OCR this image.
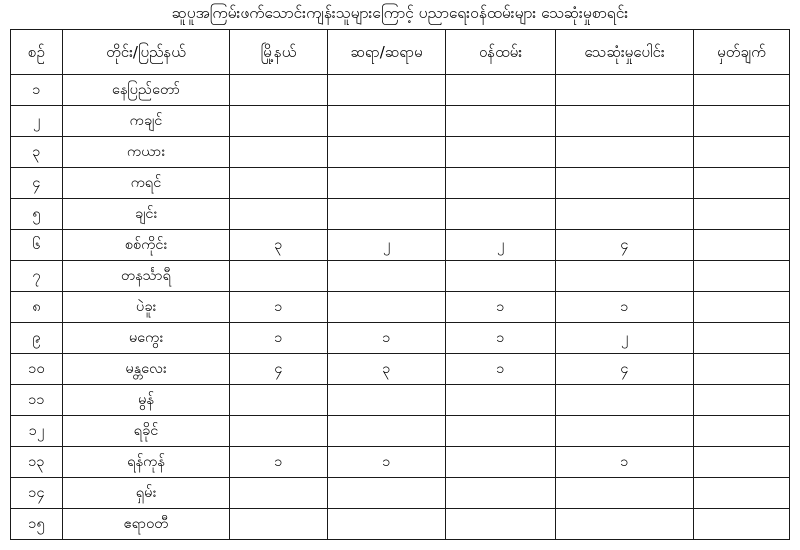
ဆူပူအကြမ်းဖက်သောင်းကျန်းသူများကြောင့် ပညာရေးဝန်ထမ်းများ သေဆုံးမှုစာရင်း
စဉ်	တိုင်း/ပြည်နယ်	မြို့နယ်	ဆရာ/ဆရာမ	ဝန်ထမ်း	သေဆုံးမှုပေါင်း	မှတ်ချက်
၁	နေပြည်တော်					
၂	ကချင်					
၃	ကယား					
၄	ကရင်					
၅	ချင်း					
၆	စစ်ကိုင်း	၃	၂	၂	၄	
၇	တနင်္သာရီ					
၈	ပဲခူး	၁		၁	၁	
၉	မကွေး	၁	၁	၁	၂	
၁၀	မန္တလေး	၄	၃	၁	၄	
၁၁	မွန်					
၁၂	ရခိုင်					
၁၃	ရန်ကုန်	၁	၁		၁	
၁၄	ရှမ်း					
၁၅	ဧရာဝတီ					
